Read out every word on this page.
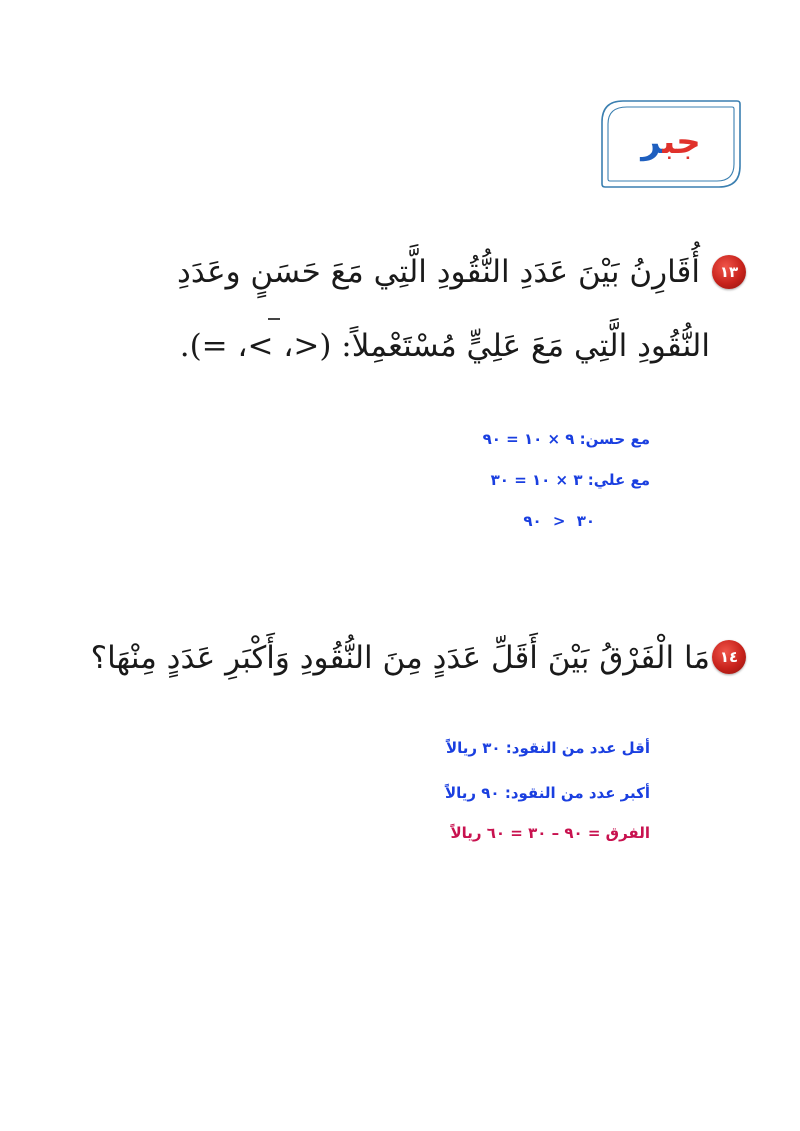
جبر
١٣
أُقَارِنُ بَيْنَ عَدَدِ النُّقُودِ الَّتِي مَعَ حَسَنٍ وعَدَدِ
النُّقُودِ الَّتِي مَعَ عَلِيٍّ مُسْتَعْمِلاً: (<، >، =).
مع حسن: ٩ × ١٠ = ٩٠
مع علي: ٣ × ١٠ = ٣٠
٣٠ < ٩٠
١٤
مَا الْفَرْقُ بَيْنَ أَقَلِّ عَدَدٍ مِنَ النُّقُودِ وَأَكْبَرِ عَدَدٍ مِنْهَا؟
أقل عدد من النقود: ٣٠ ريالاً
أكبر عدد من النقود: ٩٠ ريالاً
الفرق = ٩٠ – ٣٠ = ٦٠ ريالاً
